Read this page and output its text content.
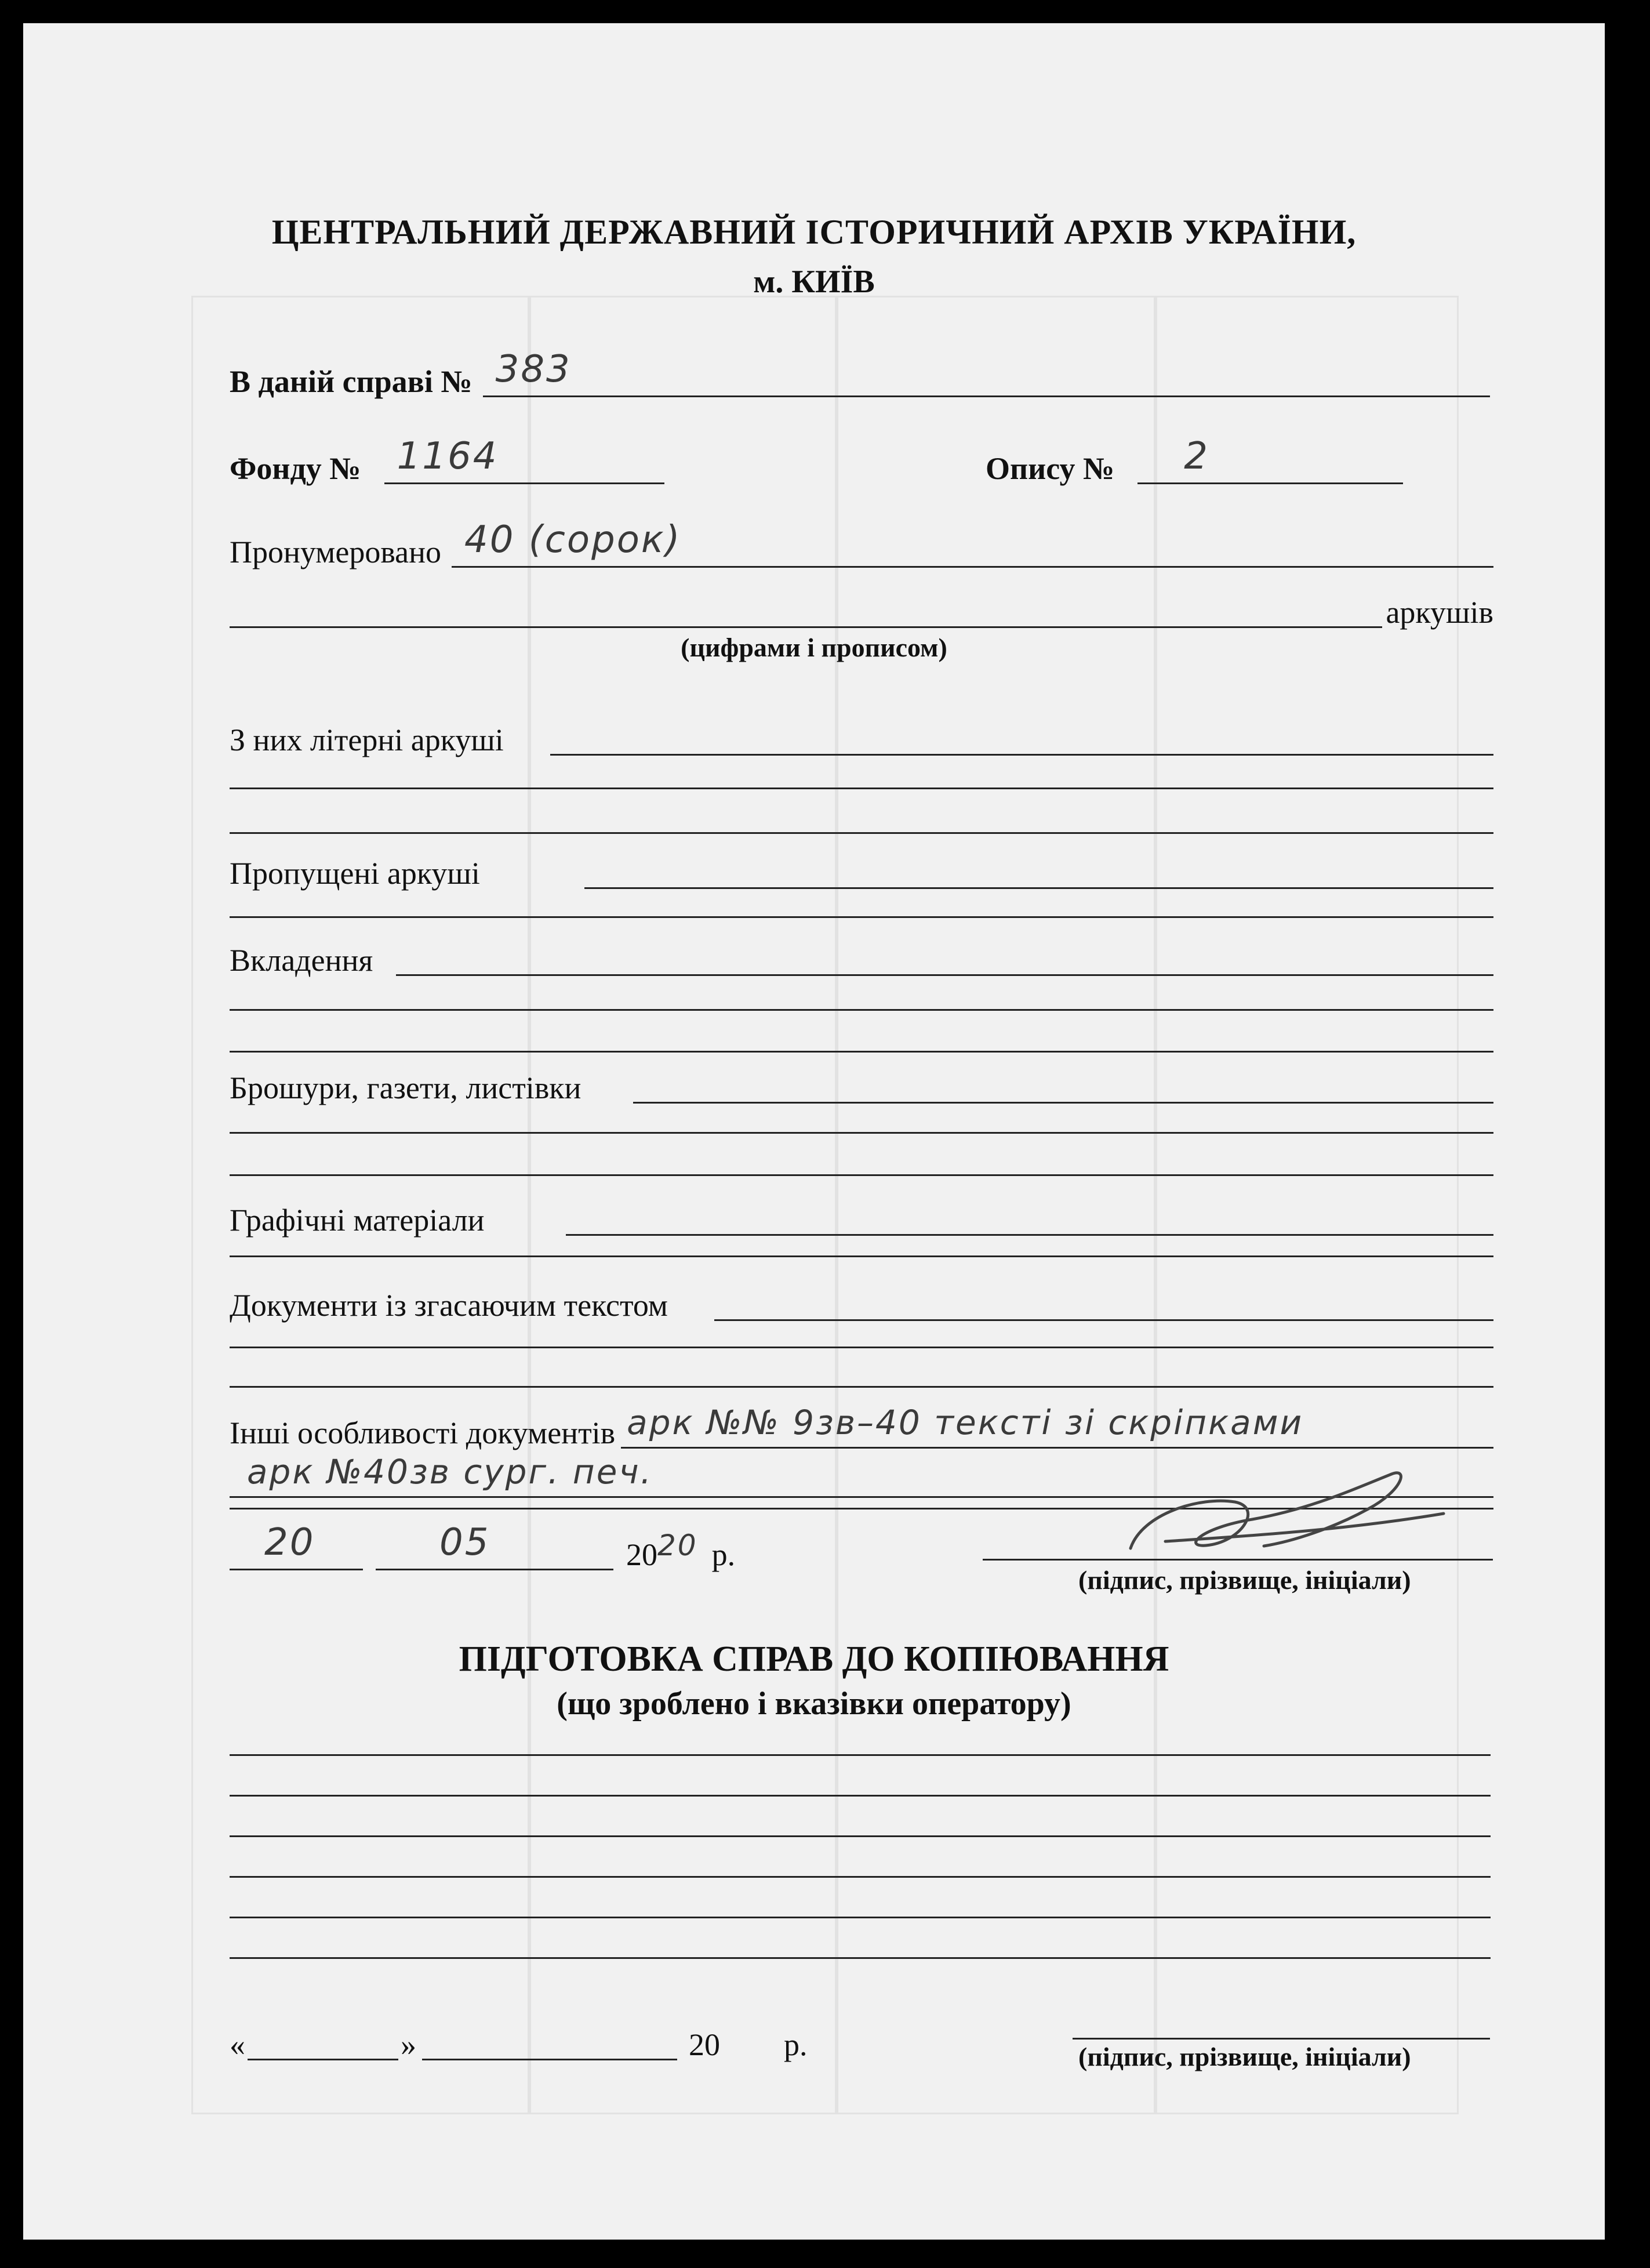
ЦЕНТРАЛЬНИЙ ДЕРЖАВНИЙ ІСТОРИЧНИЙ АРХІВ УКРАЇНИ,
м. КИЇВ
В даній справі № 383
Фонду № 1164	Опису № 2
Пронумеровано 40 (сорок)
аркушів
(цифрами і прописом)
З них літерні аркуші
Пропущені аркуші
Вкладення
Брошури, газети, листівки
Графічні матеріали
Документи із згасаючим текстом
Інші особливості документів арк №№ 9зв–40 тексті зі скріпками
арк №40зв сург. печ.
20	05	20 20 р.
(підпис, прізвище, ініціали)
ПІДГОТОВКА СПРАВ ДО КОПІЮВАННЯ
(що зроблено і вказівки оператору)
«	»	20 р.	(підпис, прізвище, ініціали)
